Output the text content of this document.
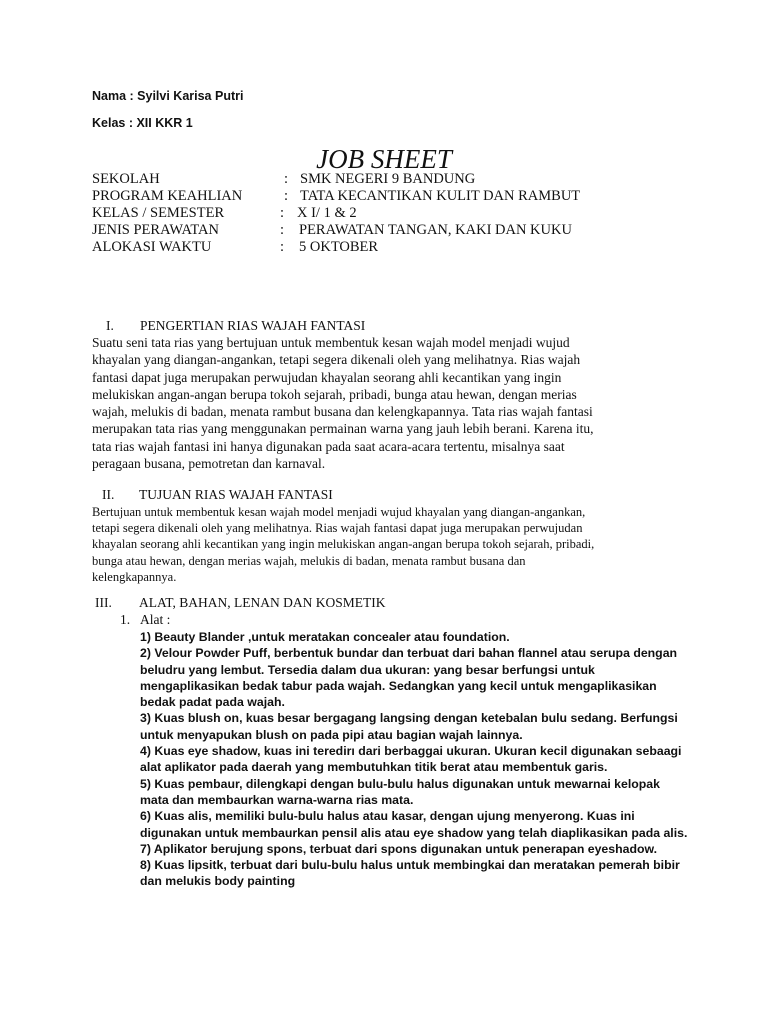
Nama : Syilvi Karisa Putri
Kelas : XII KKR 1
JOB SHEET
SEKOLAH	: SMK NEGERI 9 BANDUNG
PROGRAM KEAHLIAN	: TATA KECANTIKAN KULIT DAN RAMBUT
KELAS / SEMESTER	: X I/ 1 & 2
JENIS PERAWATAN	: PERAWATAN TANGAN, KAKI DAN KUKU
ALOKASI WAKTU	: 5 OKTOBER
I. PENGERTIAN RIAS WAJAH FANTASI
Suatu seni tata rias yang bertujuan untuk membentuk kesan wajah model menjadi wujud
khayalan yang diangan-angankan, tetapi segera dikenali oleh yang melihatnya. Rias wajah
fantasi dapat juga merupakan perwujudan khayalan seorang ahli kecantikan yang ingin
melukiskan angan-angan berupa tokoh sejarah, pribadi, bunga atau hewan, dengan merias
wajah, melukis di badan, menata rambut busana dan kelengkapannya. Tata rias wajah fantasi
merupakan tata rias yang menggunakan permainan warna yang jauh lebih berani. Karena itu,
tata rias wajah fantasi ini hanya digunakan pada saat acara-acara tertentu, misalnya saat
peragaan busana, pemotretan dan karnaval.
II. TUJUAN RIAS WAJAH FANTASI
Bertujuan untuk membentuk kesan wajah model menjadi wujud khayalan yang diangan-angankan,
tetapi segera dikenali oleh yang melihatnya. Rias wajah fantasi dapat juga merupakan perwujudan
khayalan seorang ahli kecantikan yang ingin melukiskan angan-angan berupa tokoh sejarah, pribadi,
bunga atau hewan, dengan merias wajah, melukis di badan, menata rambut busana dan
kelengkapannya.
III. ALAT, BAHAN, LENAN DAN KOSMETIK
1. Alat :
1) Beauty Blander ,untuk meratakan concealer atau foundation.
2) Velour Powder Puff, berbentuk bundar dan terbuat dari bahan flannel atau serupa dengan
beludru yang lembut. Tersedia dalam dua ukuran: yang besar berfungsi untuk
mengaplikasikan bedak tabur pada wajah. Sedangkan yang kecil untuk mengaplikasikan
bedak padat pada wajah.
3) Kuas blush on, kuas besar bergagang langsing dengan ketebalan bulu sedang. Berfungsi
untuk menyapukan blush on pada pipi atau bagian wajah lainnya.
4) Kuas eye shadow, kuas ini teredirı dari berbaggai ukuran. Ukuran kecil digunakan sebaagi
alat aplikator pada daerah yang membutuhkan titik berat atau membentuk garis.
5) Kuas pembaur, dilengkapi dengan bulu-bulu halus digunakan untuk mewarnai kelopak
mata dan membaurkan warna-warna rias mata.
6) Kuas alis, memiliki bulu-bulu halus atau kasar, dengan ujung menyerong. Kuas ini
digunakan untuk membaurkan pensil alis atau eye shadow yang telah diaplikasikan pada alis.
7) Aplikator berujung spons, terbuat dari spons digunakan untuk penerapan eyeshadow.
8) Kuas lipsitk, terbuat dari bulu-bulu halus untuk membingkai dan meratakan pemerah bibir
dan melukis body painting
